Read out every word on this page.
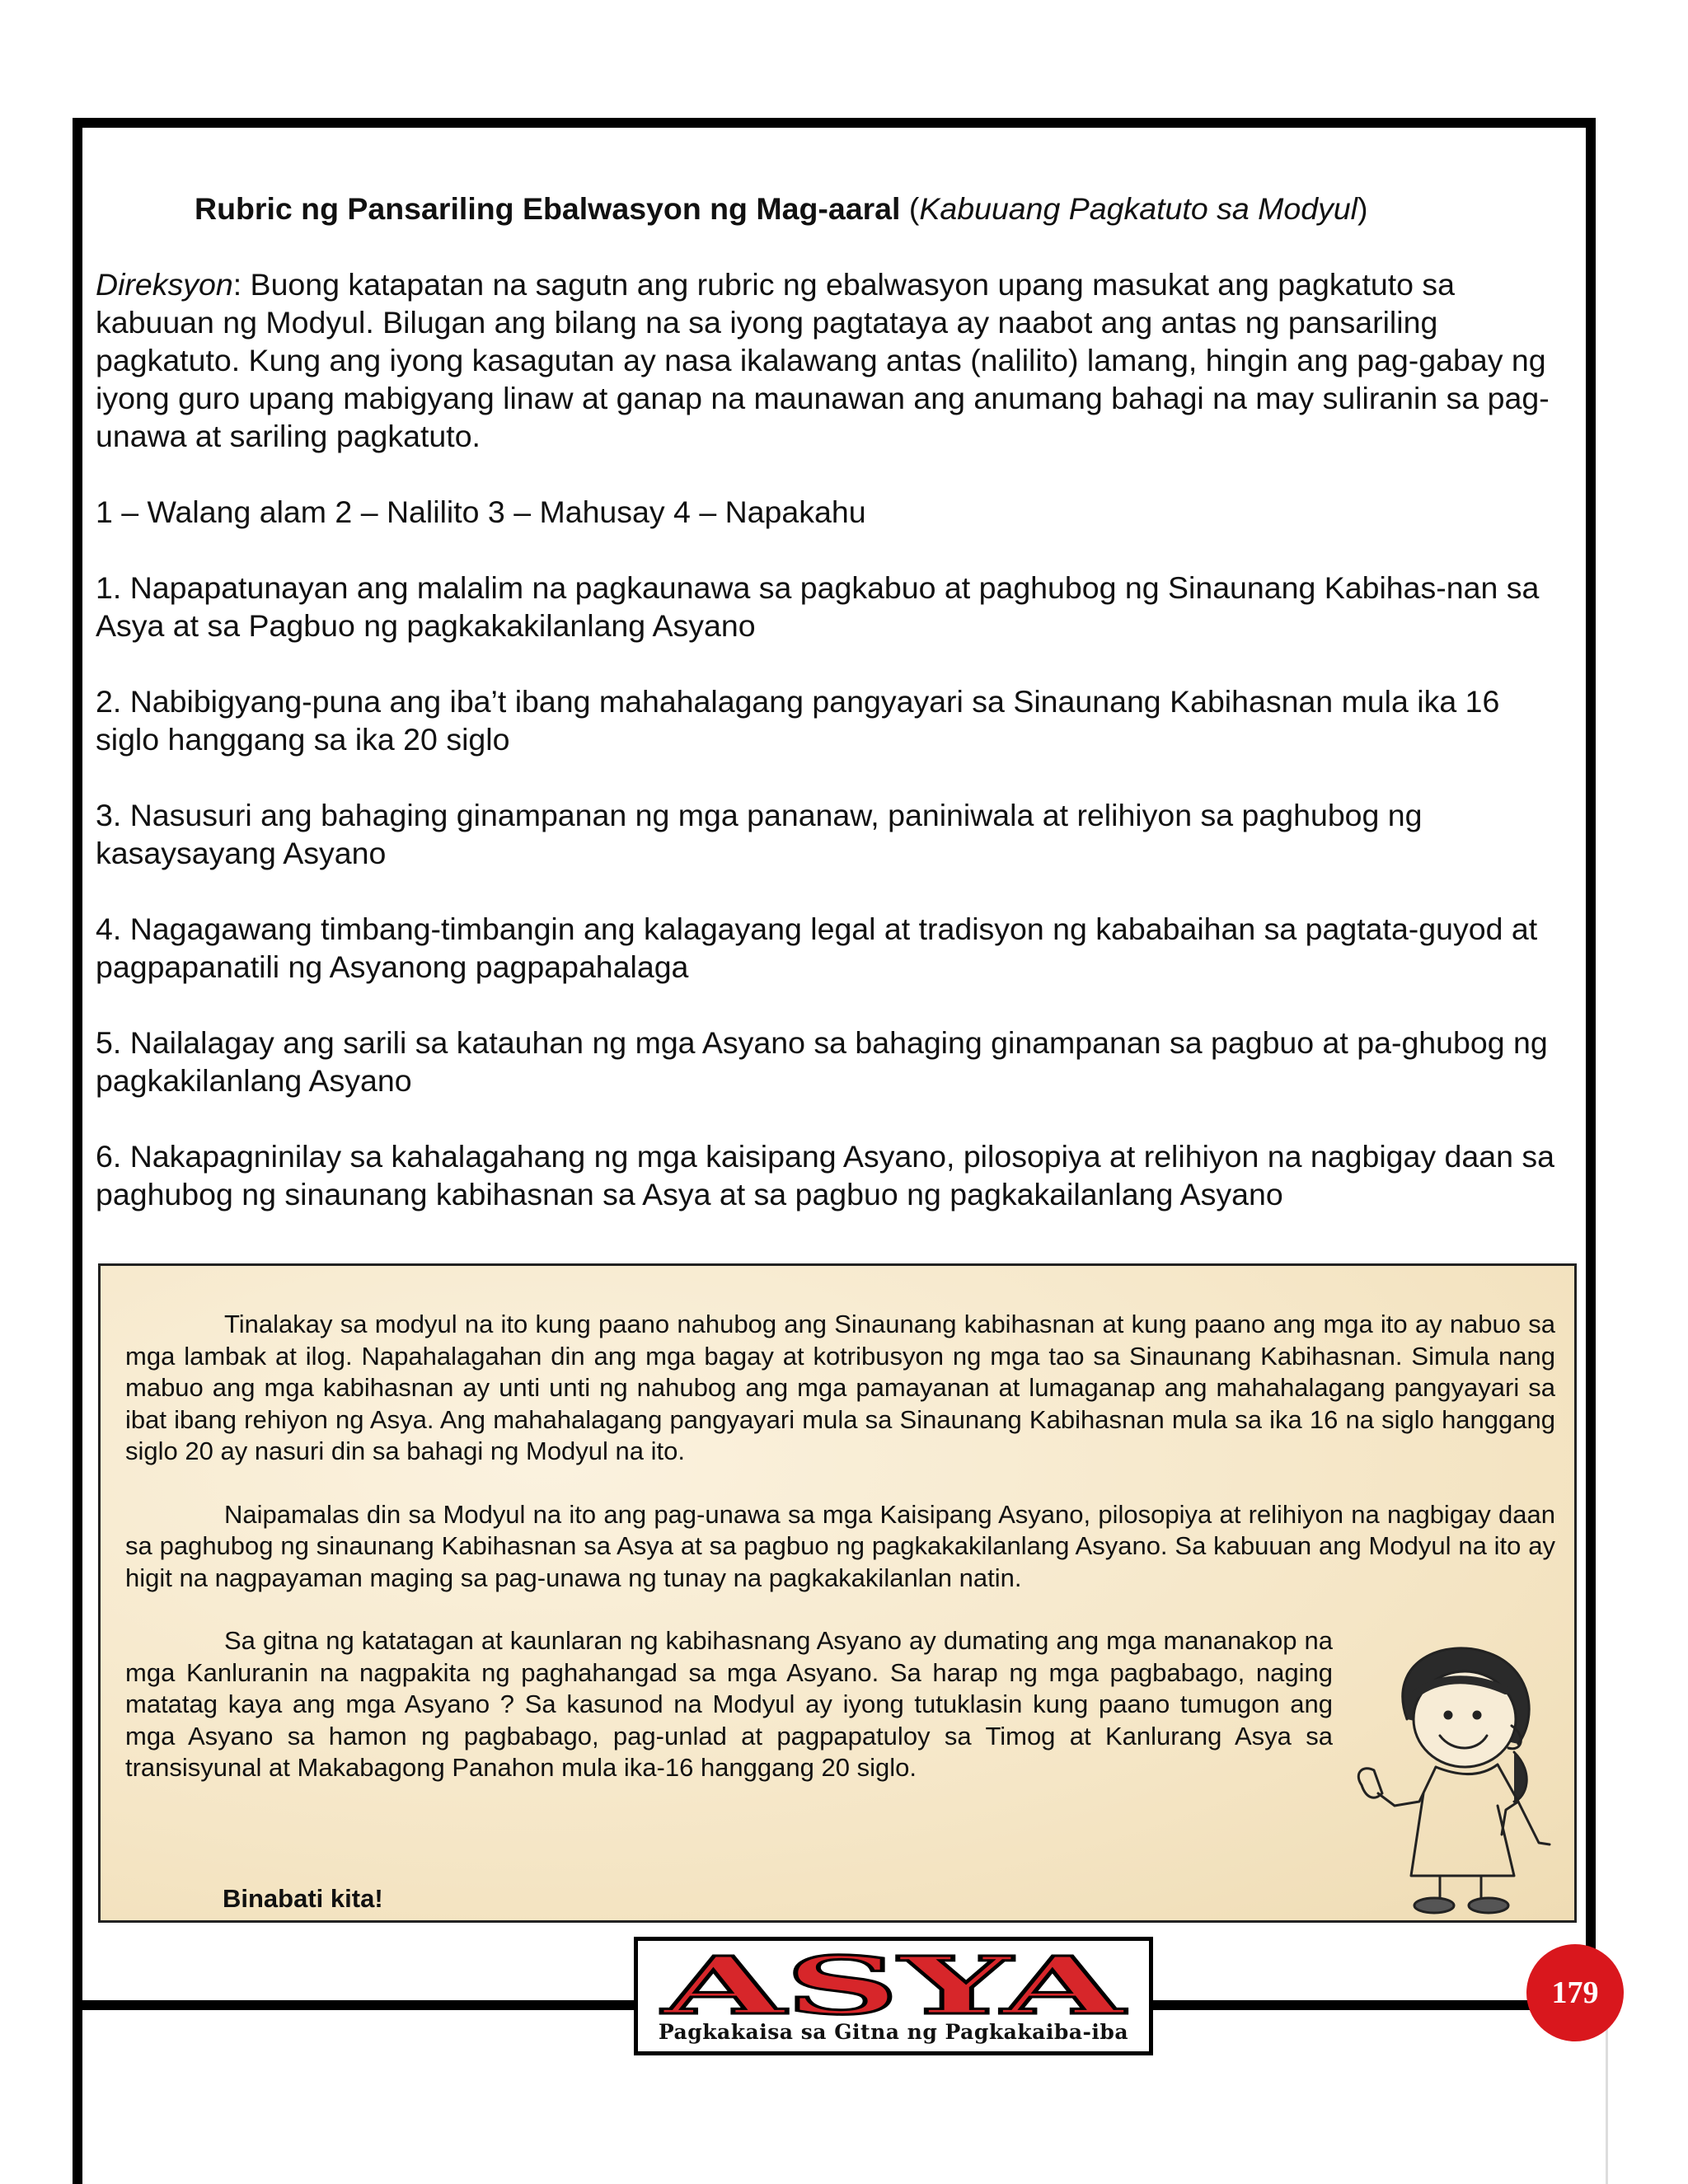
Rubric ng Pansariling Ebalwasyon ng Mag-aaral (Kabuuang Pagkatuto sa Modyul)

Direksyon: Buong katapatan na sagutn ang rubric ng ebalwasyon upang masukat ang pagkatuto sa kabuuan ng Modyul. Bilugan ang bilang na sa iyong pagtataya ay naabot ang antas ng pansariling pagkatuto. Kung ang iyong kasagutan ay nasa ikalawang antas (nalilito) lamang, hingin ang pag-gabay ng iyong guro upang mabigyang linaw at ganap na maunawan ang anumang bahagi na may suliranin sa pag-unawa at sariling pagkatuto.

1 – Walang alam 2 – Nalilito 3 – Mahusay 4 – Napakahu

1. Napapatunayan ang malalim na pagkaunawa sa pagkabuo at paghubog ng Sinaunang Kabihas-nan sa Asya at sa Pagbuo ng pagkakakilanlang Asyano

2. Nabibigyang-puna ang iba’t ibang mahahalagang pangyayari sa Sinaunang Kabihasnan mula ika 16 siglo hanggang sa ika 20 siglo

3. Nasusuri ang bahaging ginampanan ng mga pananaw, paniniwala at relihiyon sa paghubog ng kasaysayang Asyano

4. Nagagawang timbang-timbangin ang kalagayang legal at tradisyon ng kababaihan sa pagtata-guyod at pagpapanatili ng Asyanong pagpapahalaga

5. Nailalagay ang sarili sa katauhan ng mga Asyano sa bahaging ginampanan sa pagbuo at pa-ghubog ng pagkakilanlang Asyano

6. Nakapagninilay sa kahalagahang ng mga kaisipang Asyano, pilosopiya at relihiyon na nagbigay daan sa paghubog ng sinaunang kabihasnan sa Asya at sa pagbuo ng pagkakailanlang Asyano

Tinalakay sa modyul na ito kung paano nahubog ang Sinaunang kabihasnan at kung paano ang mga ito ay nabuo sa mga lambak at ilog. Napahalagahan din ang mga bagay at kotribusyon ng mga tao sa Sinaunang Kabihasnan. Simula nang mabuo ang mga kabihasnan ay unti unti ng nahubog ang mga pamayanan at lumaganap ang mahahalagang pangyayari sa ibat ibang rehiyon ng Asya. Ang mahahalagang pangyayari mula sa Sinaunang Kabihasnan mula sa ika 16 na siglo hanggang siglo 20 ay nasuri din sa bahagi ng Modyul na ito.

Naipamalas din sa Modyul na ito ang pag-unawa sa mga Kaisipang Asyano, pilosopiya at relihiyon na nagbigay daan sa paghubog ng sinaunang Kabihasnan sa Asya at sa pagbuo ng pagkakakilanlang Asyano. Sa kabuuan ang Modyul na ito ay higit na nagpayaman maging sa pag-unawa ng tunay na pagkakakilanlan natin.

Sa gitna ng katatagan at kaunlaran ng kabihasnang Asyano ay dumating ang mga mananakop na mga Kanluranin na nagpakita ng paghahangad sa mga Asyano. Sa harap ng mga pagbabago, naging matatag kaya ang mga Asyano ? Sa kasunod na Modyul ay iyong tutuklasin kung paano tumugon ang mga Asyano sa hamon ng pagbabago, pag-unlad at pagpapatuloy sa Timog at Kanlurang Asya sa transisyunal at Makabagong Panahon mula ika-16 hanggang 20 siglo.

Binabati kita!
ASYA
Pagkakaisa sa Gitna ng Pagkakaiba-iba
179
